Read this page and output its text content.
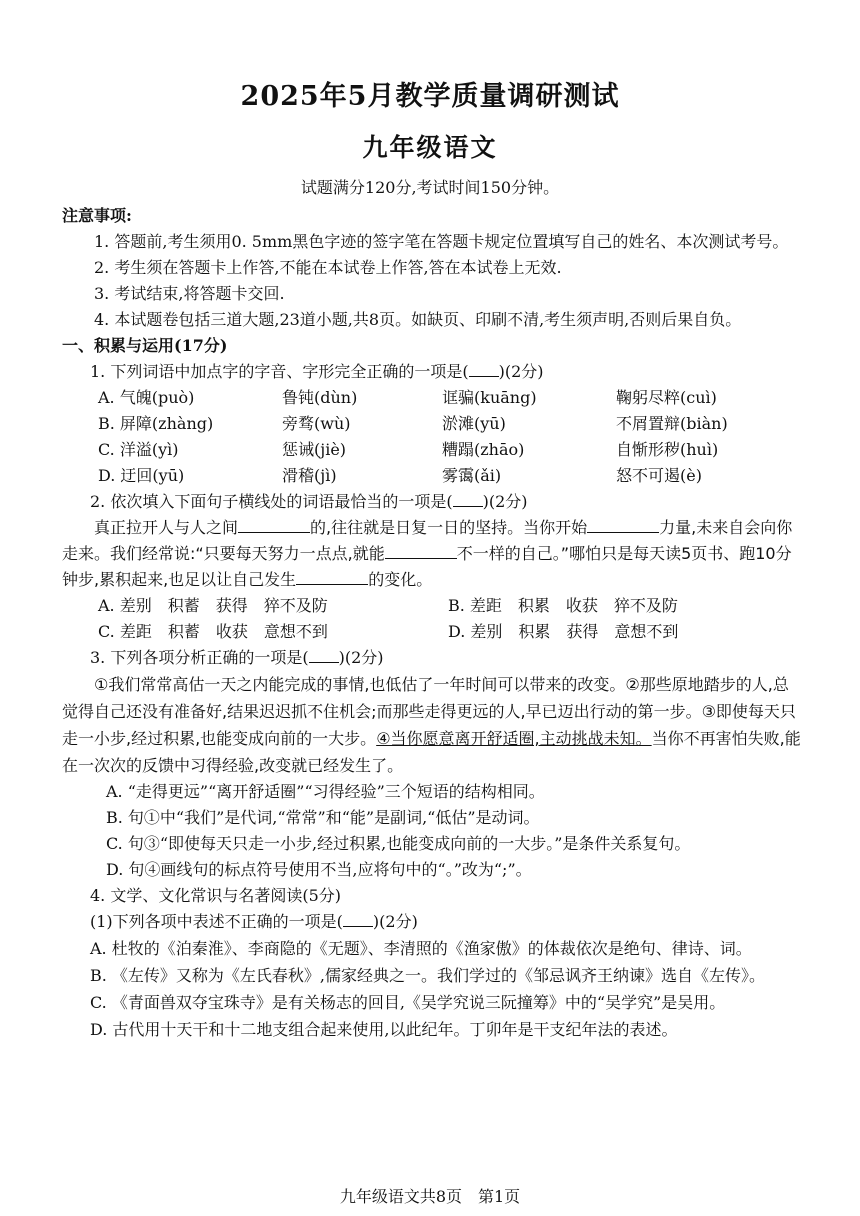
2025年5月教学质量调研测试
九年级语文
试题满分120分,考试时间150分钟。

注意事项:

1. 答题前,考生须用0. 5mm黑色字迹的签字笔在答题卡规定位置填写自己的姓名、本次测试考号。

2. 考生须在答题卡上作答,不能在本试卷上作答,答在本试卷上无效.

3. 考试结束,将答题卡交回.

4. 本试题卷包括三道大题,23道小题,共8页。如缺页、印刷不清,考生须声明,否则后果自负。

一、积累与运用(17分)

1. 下列词语中加点字的字音、字形完全正确的一项是( )(2分)

A. 气魄(può)	鲁钝(dùn)	诓骗(kuāng)	鞠躬尽粹(cuì)
B. 屏障(zhàng)	旁骛(wù)	淤滩(yū)	不屑置辩(biàn)
C. 洋溢(yì)	惩诫(jiè)	糟蹋(zhāo)	自惭形秽(huì)
D. 迂回(yū)	滑稽(jì)	雾霭(ǎi)	怒不可遏(è)

2. 依次填入下面句子横线处的词语最恰当的一项是( )(2分)

真正拉开人与人之间	的,往往就是日复一日的坚持。当你开始	力量,未来自会向你走来。我们经常说:“只要每天努力一点点,就能	不一样的自己。”哪怕只是每天读5页书、跑10分钟步,累积起来,也足以让自己发生	的变化。

A. 差别　积蓄　获得　猝不及防	B. 差距　积累　收获　猝不及防
C. 差距　积蓄　收获　意想不到	D. 差别　积累　获得　意想不到

3. 下列各项分析正确的一项是( )(2分)

①我们常常高估一天之内能完成的事情,也低估了一年时间可以带来的改变。②那些原地踏步的人,总觉得自己还没有准备好,结果迟迟抓不住机会;而那些走得更远的人,早已迈出行动的第一步。③即使每天只走一小步,经过积累,也能变成向前的一大步。④当你愿意离开舒适圈,主动挑战未知。当你不再害怕失败,能在一次次的反馈中习得经验,改变就已经发生了。

A. “走得更远”“离开舒适圈”“习得经验”三个短语的结构相同。

B. 句①中“我们”是代词,“常常”和“能”是副词,“低估”是动词。

C. 句③“即使每天只走一小步,经过积累,也能变成向前的一大步。”是条件关系复句。

D. 句④画线句的标点符号使用不当,应将句中的“。”改为“;”。

4. 文学、文化常识与名著阅读(5分)

(1)下列各项中表述不正确的一项是( )(2分)

A. 杜牧的《泊秦淮》、李商隐的《无题》、李清照的《渔家傲》的体裁依次是绝句、律诗、词。

B. 《左传》又称为《左氏春秋》,儒家经典之一。我们学过的《邹忌讽齐王纳谏》选自《左传》。

C. 《青面兽双夺宝珠寺》是有关杨志的回目,《吴学究说三阮撞筹》中的“吴学究”是吴用。

D. 古代用十天干和十二地支组合起来使用,以此纪年。丁卯年是干支纪年法的表述。

九年级语文共8页　第1页
